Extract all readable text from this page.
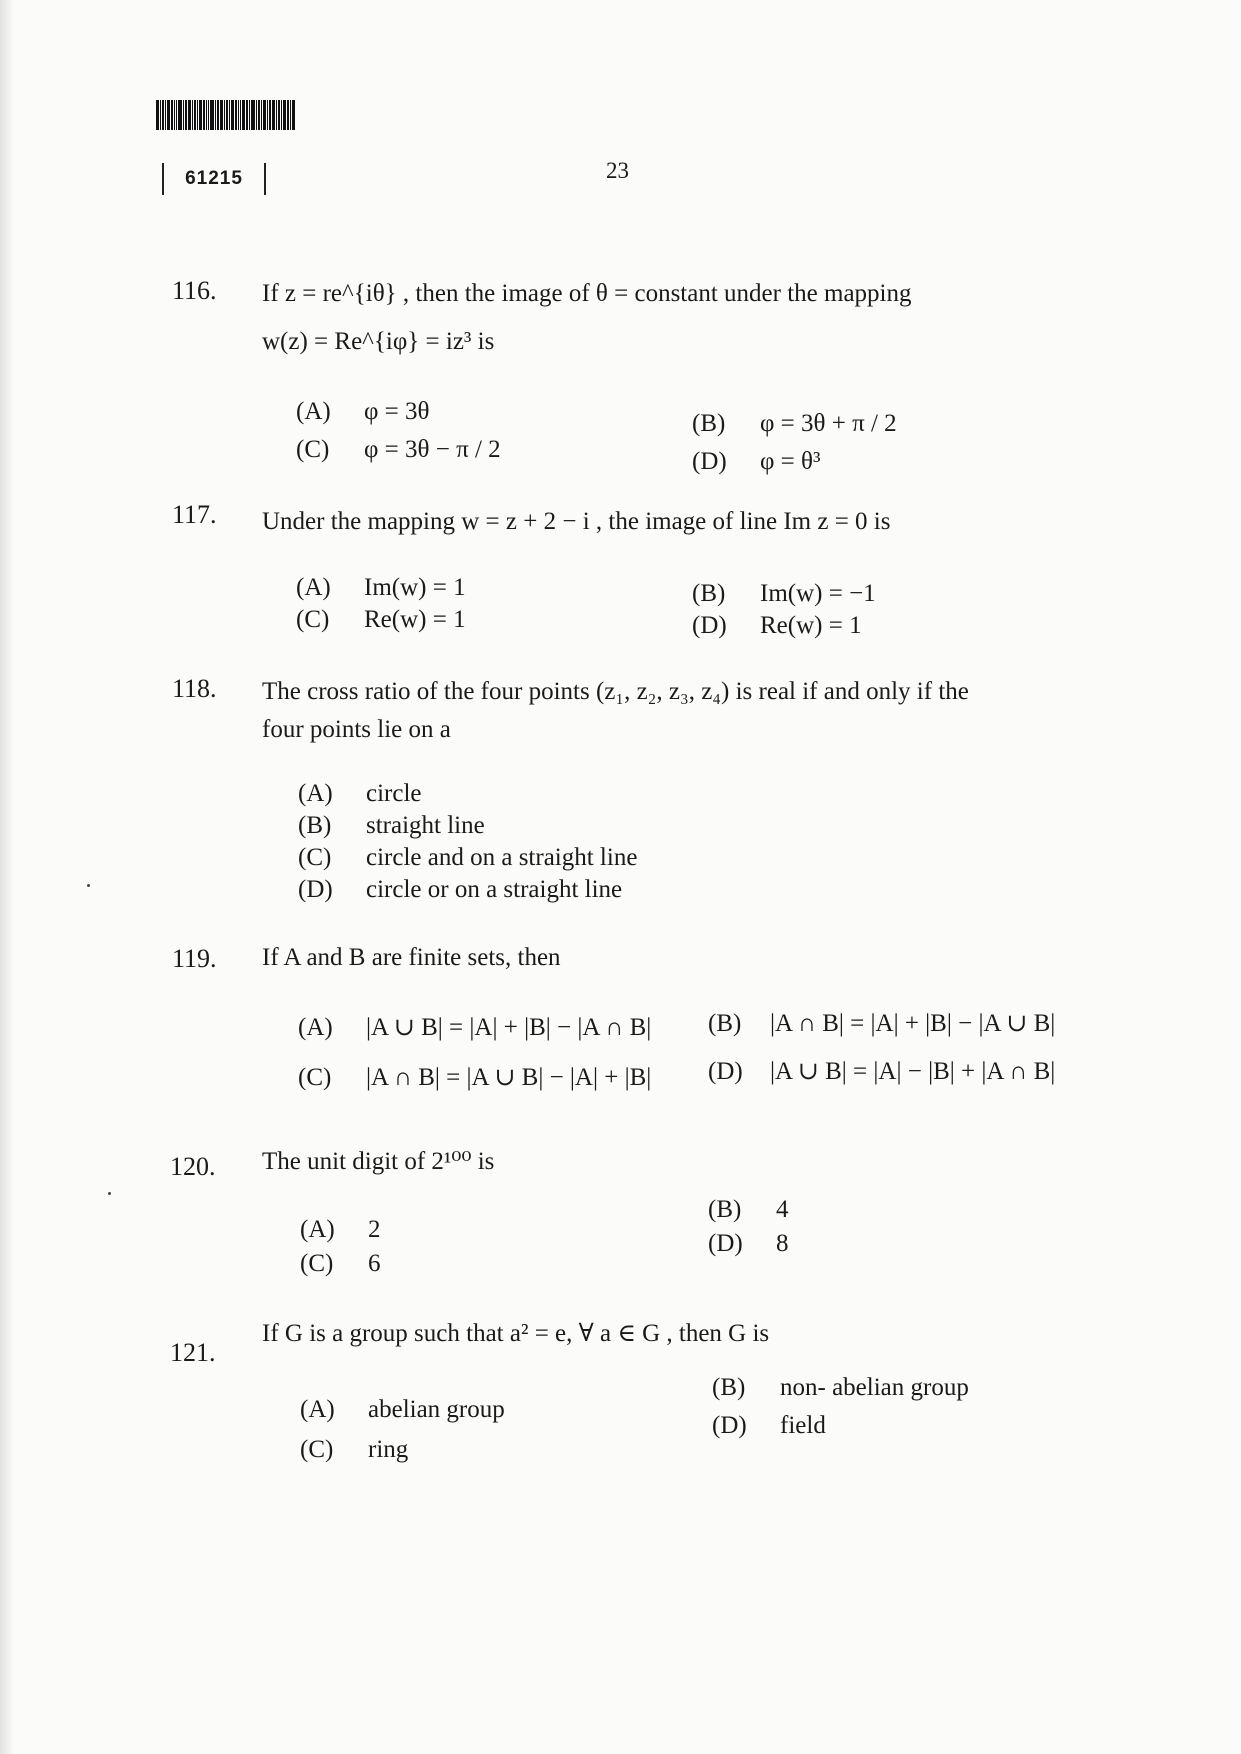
61215	23
116. If z = re^{iθ} , then the image of θ = constant under the mapping
w(z) = Re^{iφ} = iz³ is
(A) φ = 3θ
(C) φ = 3θ − π / 2
(B) φ = 3θ + π / 2
(D) φ = θ³
117. Under the mapping w = z + 2 − i , the image of line Im z = 0 is
(A) Im(w) = 1
(C) Re(w) = 1
(B) Im(w) = −1
(D) Re(w) = 1
118. The cross ratio of the four points (z₁, z₂, z₃, z₄) is real if and only if the
four points lie on a
(A) circle
(B) straight line
(C) circle and on a straight line
(D) circle or on a straight line
119. If A and B are finite sets, then
(A) |A ∪ B| = |A| + |B| − |A ∩ B|
(C) |A ∩ B| = |A ∪ B| − |A| + |B|
(B) |A ∩ B| = |A| + |B| − |A ∪ B|
(D) |A ∪ B| = |A| − |B| + |A ∩ B|
120. The unit digit of 2¹⁰⁰ is
(A) 2
(C) 6
(B) 4
(D) 8
121.
If G is a group such that a² = e, ∀ a ∈ G , then G is
(A) abelian group
(C) ring
(B) non- abelian group
(D) field
